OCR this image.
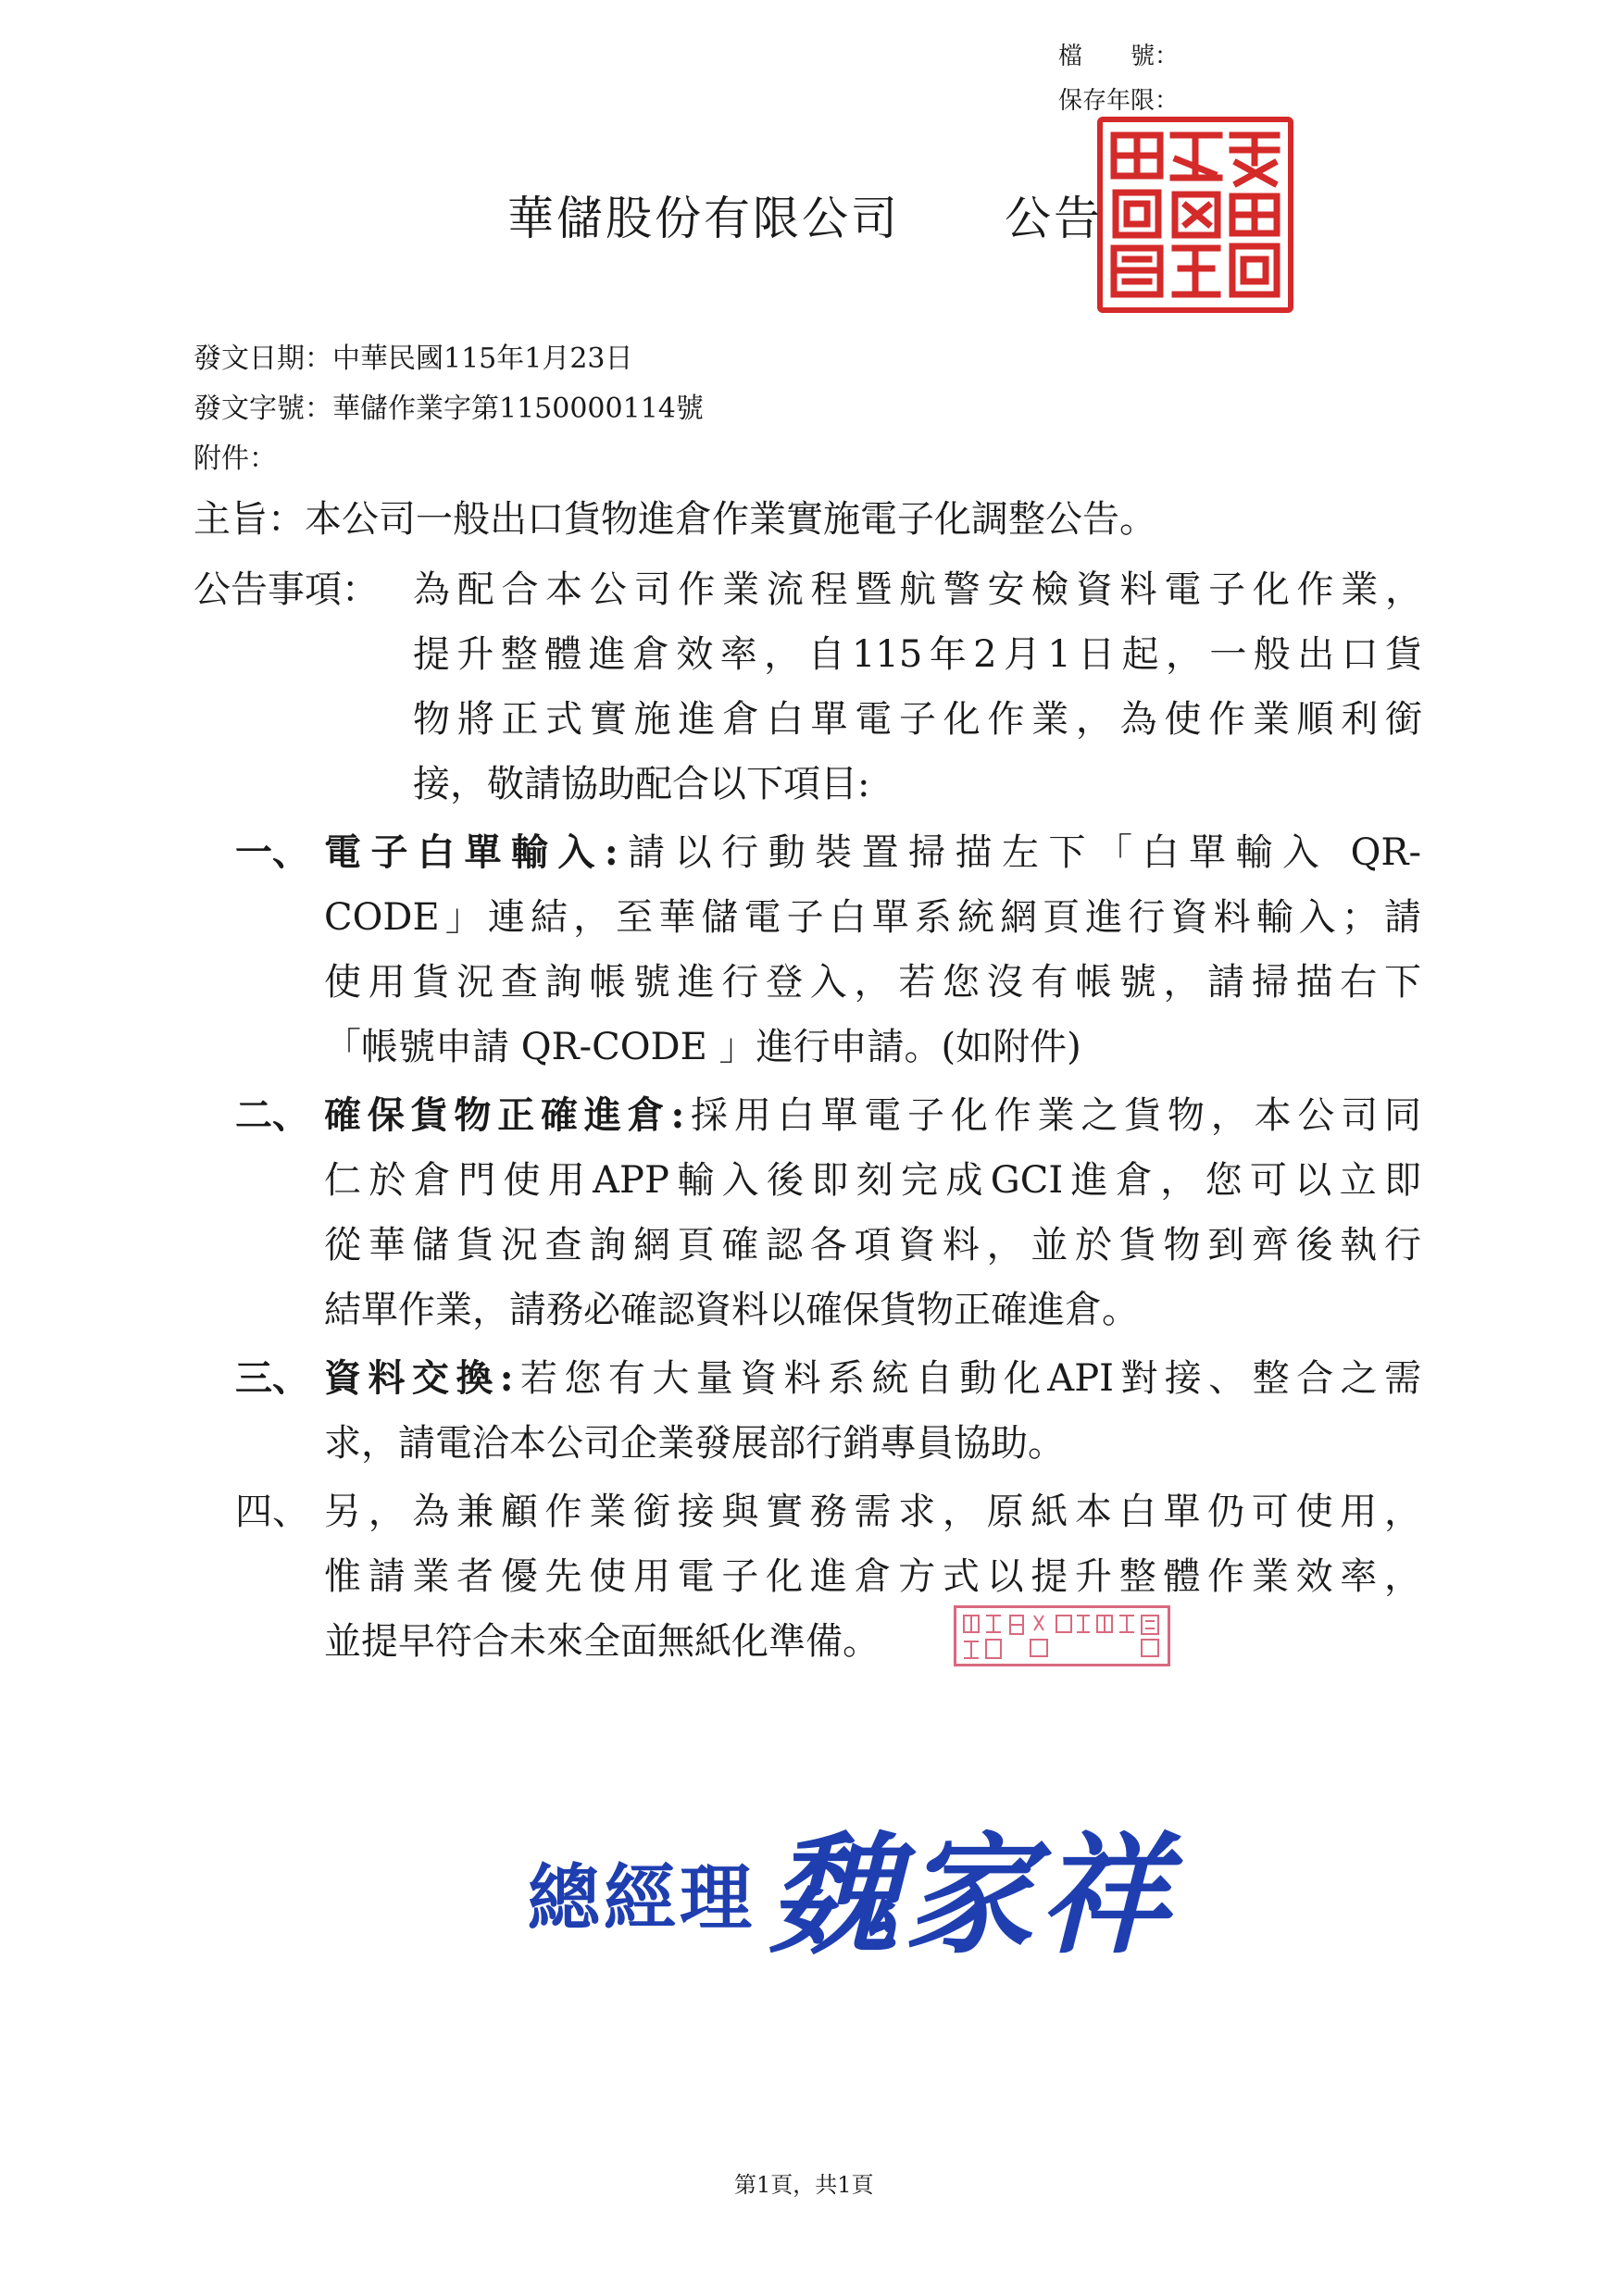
檔　　號：
保存年限：
華儲股份有限公司 公告
發文日期：中華民國115年1月23日
發文字號：華儲作業字第1150000114號
附件：
主旨：本公司一般出口貨物進倉作業實施電子化調整公告。
公告事項： 為配合本公司作業流程暨航警安檢資料電子化作業，
提升整體進倉效率，自115年2月1日起，一般出口貨
物將正式實施進倉白單電子化作業，為使作業順利銜
接，敬請協助配合以下項目:
一、 電子白單輸入:請以行動裝置掃描左下「白單輸入 QR-
CODE」連結，至華儲電子白單系統網頁進行資料輸入；請
使用貨況查詢帳號進行登入，若您沒有帳號，請掃描右下
「帳號申請 QR-CODE 」進行申請。(如附件)
二、 確保貨物正確進倉:採用白單電子化作業之貨物，本公司同
仁於倉門使用APP輸入後即刻完成GCI進倉，您可以立即
從華儲貨況查詢網頁確認各項資料，並於貨物到齊後執行
結單作業，請務必確認資料以確保貨物正確進倉。
三、 資料交換:若您有大量資料系統自動化API對接、整合之需
求，請電洽本公司企業發展部行銷專員協助。
四、 另，為兼顧作業銜接與實務需求，原紙本白單仍可使用，
惟請業者優先使用電子化進倉方式以提升整體作業效率，
並提早符合未來全面無紙化準備。
總經理 魏家祥
第1頁，共1頁
